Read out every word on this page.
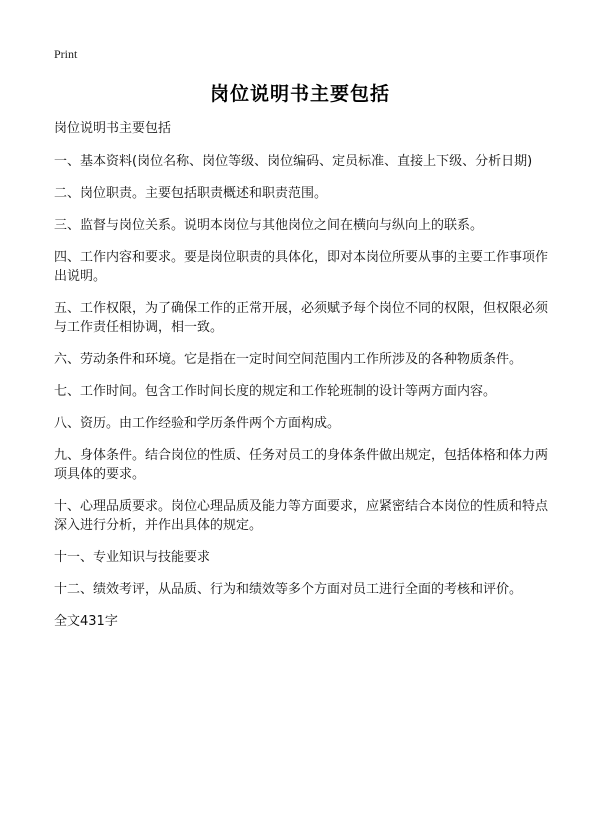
Print
岗位说明书主要包括

岗位说明书主要包括

一、基本资料(岗位名称、岗位等级、岗位编码、定员标准、直接上下级、分析日期)

二、岗位职责。主要包括职责概述和职责范围。

三、监督与岗位关系。说明本岗位与其他岗位之间在横向与纵向上的联系。

四、工作内容和要求。要是岗位职责的具体化，即对本岗位所要从事的主要工作事项作出说明。

五、工作权限，为了确保工作的正常开展，必须赋予每个岗位不同的权限，但权限必须与工作责任相协调，相一致。

六、劳动条件和环境。它是指在一定时间空间范围内工作所涉及的各种物质条件。

七、工作时间。包含工作时间长度的规定和工作轮班制的设计等两方面内容。

八、资历。由工作经验和学历条件两个方面构成。

九、身体条件。结合岗位的性质、任务对员工的身体条件做出规定，包括体格和体力两项具体的要求。

十、心理品质要求。岗位心理品质及能力等方面要求，应紧密结合本岗位的性质和特点深入进行分析，并作出具体的规定。

十一、专业知识与技能要求

十二、绩效考评，从品质、行为和绩效等多个方面对员工进行全面的考核和评价。

全文431字
